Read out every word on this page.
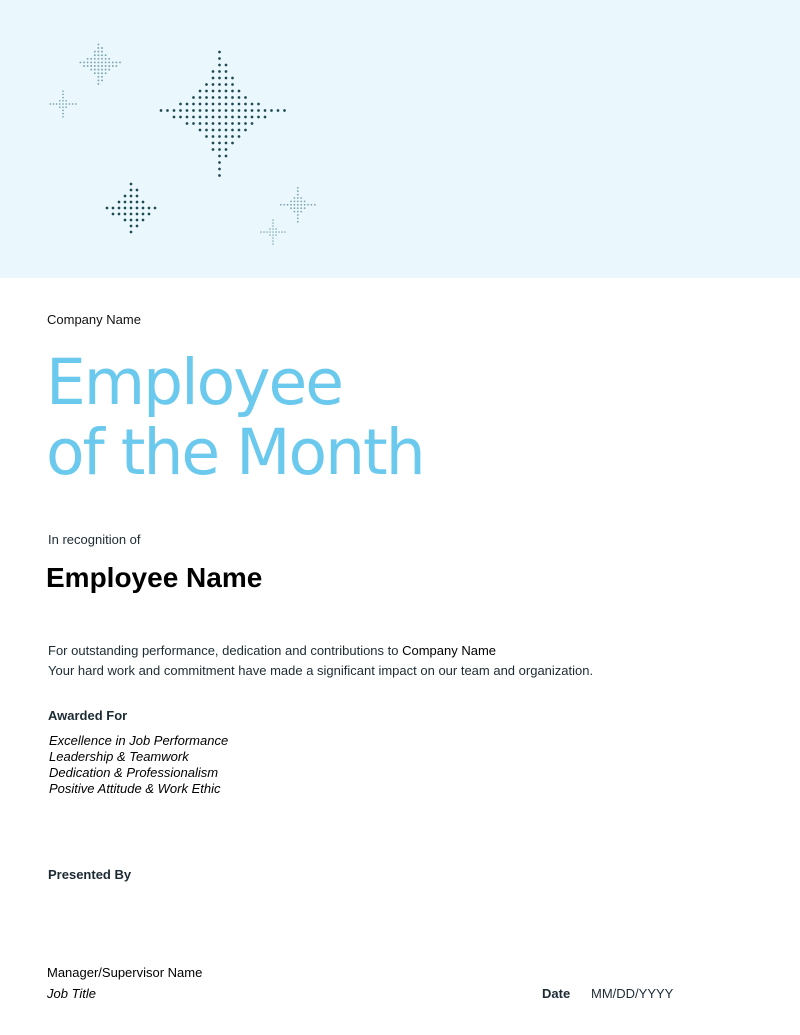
Company Name
Employee
of the Month
In recognition of
Employee Name
For outstanding performance, dedication and contributions to Company Name
Your hard work and commitment have made a significant impact on our team and organization.
Awarded For
Excellence in Job Performance
Leadership & Teamwork
Dedication & Professionalism
Positive Attitude & Work Ethic
Presented By
Manager/Supervisor Name
Job Title	Date MM/DD/YYYY
